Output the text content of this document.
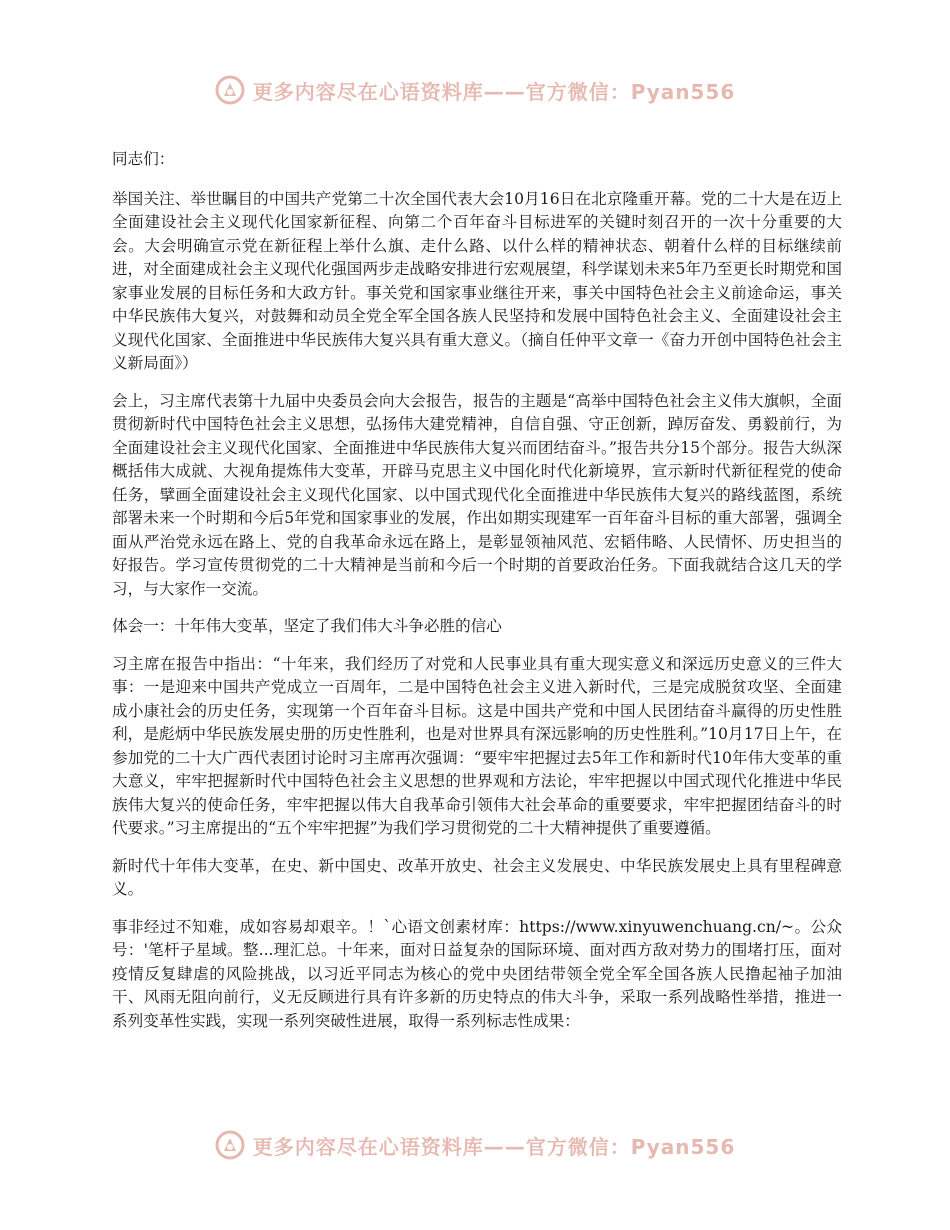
更多内容尽在心语资料库——官方微信：Pyan556

同志们：

举国关注、举世瞩目的中国共产党第二十次全国代表大会10月16日在北京隆重开幕。党的二十大是在迈上全面建设社会主义现代化国家新征程、向第二个百年奋斗目标进军的关键时刻召开的一次十分重要的大会。大会明确宣示党在新征程上举什么旗、走什么路、以什么样的精神状态、朝着什么样的目标继续前进，对全面建成社会主义现代化强国两步走战略安排进行宏观展望，科学谋划未来5年乃至更长时期党和国家事业发展的目标任务和大政方针。事关党和国家事业继往开来，事关中国特色社会主义前途命运，事关中华民族伟大复兴，对鼓舞和动员全党全军全国各族人民坚持和发展中国特色社会主义、全面建设社会主义现代化国家、全面推进中华民族伟大复兴具有重大意义。（摘自任仲平文章一《奋力开创中国特色社会主义新局面》）

会上，习主席代表第十九届中央委员会向大会报告，报告的主题是“高举中国特色社会主义伟大旗帜，全面贯彻新时代中国特色社会主义思想，弘扬伟大建党精神，自信自强、守正创新，踔厉奋发、勇毅前行，为全面建设社会主义现代化国家、全面推进中华民族伟大复兴而团结奋斗。”报告共分15个部分。报告大纵深概括伟大成就、大视角提炼伟大变革，开辟马克思主义中国化时代化新境界，宣示新时代新征程党的使命任务，擘画全面建设社会主义现代化国家、以中国式现代化全面推进中华民族伟大复兴的路线蓝图，系统部署未来一个时期和今后5年党和国家事业的发展，作出如期实现建军一百年奋斗目标的重大部署，强调全面从严治党永远在路上、党的自我革命永远在路上，是彰显领袖风范、宏韬伟略、人民情怀、历史担当的好报告。学习宣传贯彻党的二十大精神是当前和今后一个时期的首要政治任务。下面我就结合这几天的学习，与大家作一交流。

体会一：十年伟大变革，坚定了我们伟大斗争必胜的信心

习主席在报告中指出：“十年来，我们经历了对党和人民事业具有重大现实意义和深远历史意义的三件大事：一是迎来中国共产党成立一百周年，二是中国特色社会主义进入新时代，三是完成脱贫攻坚、全面建成小康社会的历史任务，实现第一个百年奋斗目标。这是中国共产党和中国人民团结奋斗赢得的历史性胜利，是彪炳中华民族发展史册的历史性胜利，也是对世界具有深远影响的历史性胜利。”10月17日上午，在参加党的二十大广西代表团讨论时习主席再次强调：“要牢牢把握过去5年工作和新时代10年伟大变革的重大意义，牢牢把握新时代中国特色社会主义思想的世界观和方法论，牢牢把握以中国式现代化推进中华民族伟大复兴的使命任务，牢牢把握以伟大自我革命引领伟大社会革命的重要要求，牢牢把握团结奋斗的时代要求。”习主席提出的“五个牢牢把握”为我们学习贯彻党的二十大精神提供了重要遵循。

新时代十年伟大变革，在史、新中国史、改革开放史、社会主义发展史、中华民族发展史上具有里程碑意义。

事非经过不知难，成如容易却艰辛。！`心语文创素材库：https://www.xinyuwenchuang.cn/~。公众号：'笔杆子星域。整...理汇总。十年来，面对日益复杂的国际环境、面对西方敌对势力的围堵打压，面对疫情反复肆虐的风险挑战，以习近平同志为核心的党中央团结带领全党全军全国各族人民撸起袖子加油干、风雨无阻向前行，义无反顾进行具有许多新的历史特点的伟大斗争，采取一系列战略性举措，推进一系列变革性实践，实现一系列突破性进展，取得一系列标志性成果：

更多内容尽在心语资料库——官方微信：Pyan556
